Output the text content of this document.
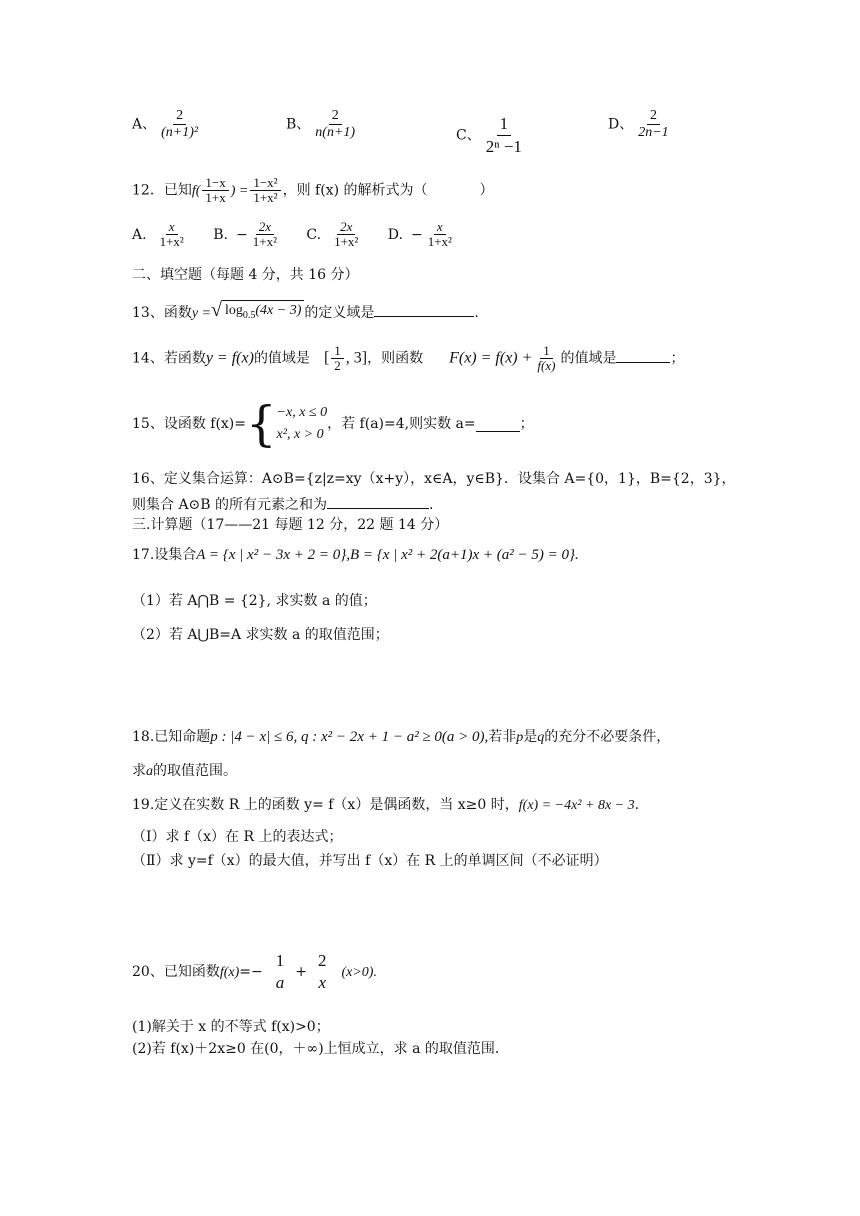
A、 $\frac{2}{\text{(n+1)²}}$	B、 $\frac{2}{n(n+1)}$	C、 $\frac{1}{\text{2ⁿ −1}}$	D、 $\frac{2}{2n-1}$
12．已知$f( \frac{1-x}{1+x}$ ) = $\frac{\text{1−x²}}{\text{1+x²}}$ ，则 f(x) 的解析式为（	）
A. $\frac{x}{\text{1+x²}} B$. − $\frac{2x}{\text{1+x²}} C$. $\frac{2x}{\text{1+x²}} D$. − $\frac{x}{\text{1+x²}}$
二、填空题（每题 4 分，共 16 分）
13、函数y = √ $\log_{0.5}(4x - 3)$ 的定义域是	.
14、若函数y = f(x)的值域是 [ $\frac{1}{2}$ , 3]，则函数 $F(x) = f(x) + \frac{1}{f(x)}$ 的值域是	；
15、设函数 f(x)={ −x, x ≤ 0
x², x > 0
，若 f(a)=4,则实数 a=	；
16、定义集合运算：A⊙B={z|z=xy（x+y），x∈A，y∈B}．设集合 A={0，1}，B={2，3}，
则集合 A⊙B 的所有元素之和为	.
三.计算题（17——21 每题 12 分，22 题 14 分）
17.设集合A = {x | x² − 3x + 2 = 0},B = {x | x² + 2(a+1)x + (a² − 5) = 0}.
（1）若 A⋂B = {2}, 求实数 a 的值；
（2）若 A⋃B=A 求实数 a 的取值范围；
18.已知命题p : |4 − x| ≤ 6, q : x² − 2x + 1 − a² ≥ 0(a > 0),若非p是q的充分不必要条件，
求a的取值范围。
19.定义在实数 R 上的函数 y= f（x）是偶函数，当 x≥0 时，f(x) = −4x² + 8x − 3.
（Ⅰ）求 f（x）在 R 上的表达式；
（Ⅱ）求 y=f（x）的最大值，并写出 f（x）在 R 上的单调区间（不必证明）
20、已知函数f(x)=−
1
a
+
2
x
(x>0).
(1)解关于 x 的不等式 f(x)>0；
(2)若 f(x)＋2x≥0 在(0，＋∞)上恒成立，求 a 的取值范围．
